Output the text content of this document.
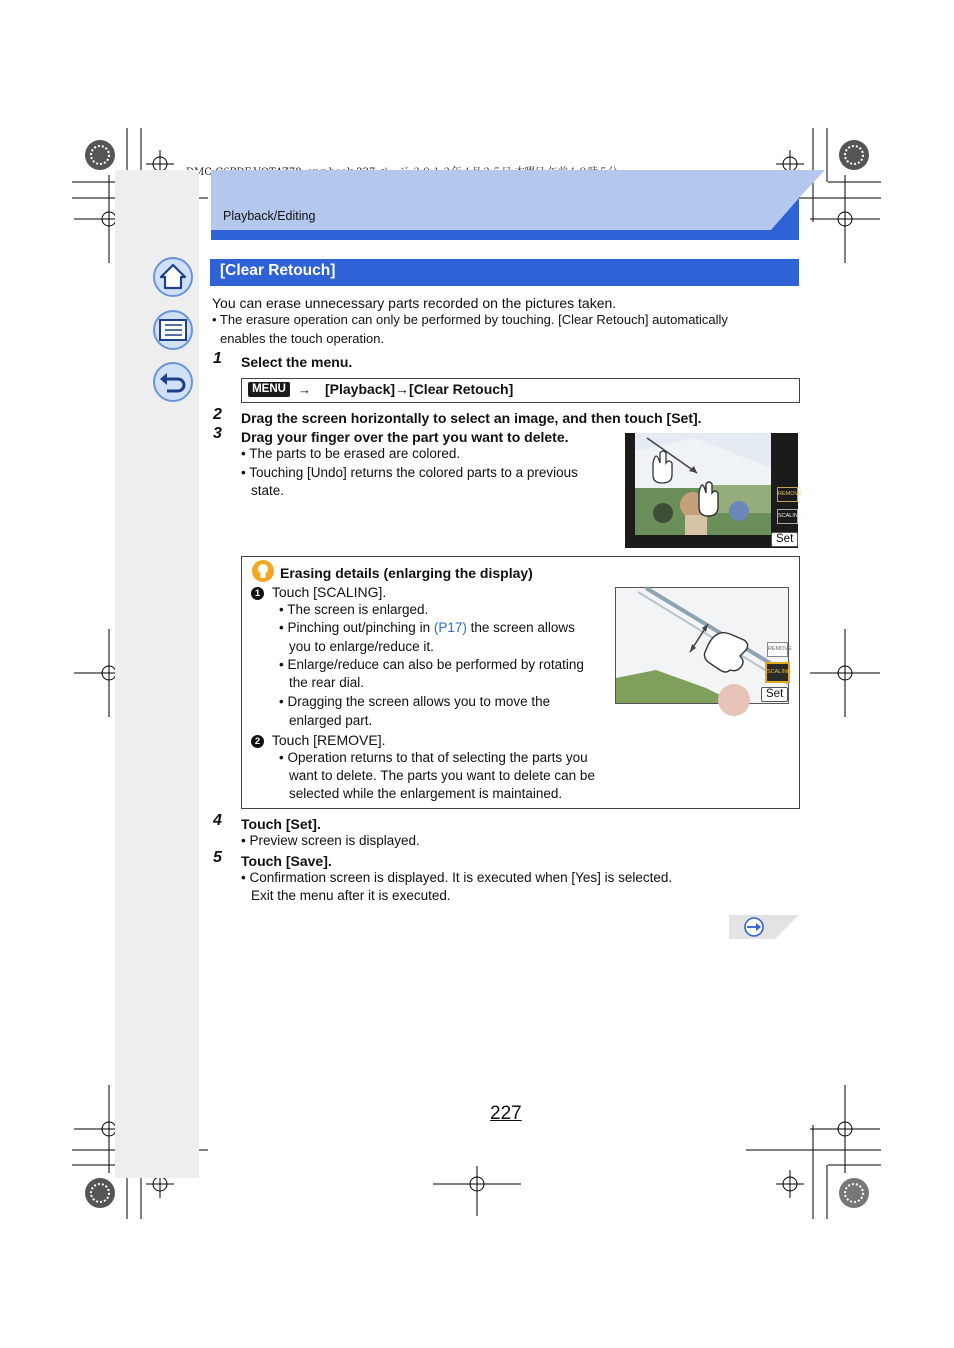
Playback/Editing
[Clear Retouch]
You can erase unnecessary parts recorded on the pictures taken.
• The erasure operation can only be performed by touching. [Clear Retouch] automatically
enables the touch operation.
1 Select the menu.
MENU → [Playback]→[Clear Retouch]
2 Drag the screen horizontally to select an image, and then touch [Set].
3 Drag your finger over the part you want to delete.
• The parts to be erased are colored.
• Touching [Undo] returns the colored parts to a previous
state.	REMOVE
SCALING
Set
Erasing details (enlarging the display)
1 Touch [SCALING].
• The screen is enlarged.
• Pinching out/pinching in (P17) the screen allows
you to enlarge/reduce it.
• Enlarge/reduce can also be performed by rotating
the rear dial.
• Dragging the screen allows you to move the
enlarged part.
2 Touch [REMOVE].
• Operation returns to that of selecting the parts you
want to delete. The parts you want to delete can be
selected while the enlargement is maintained.
REMOVE
SCALING
Set
4 Touch [Set].
• Preview screen is displayed.
5 Touch [Save].
• Confirmation screen is displayed. It is executed when [Yes] is selected.
Exit the menu after it is executed.
227
